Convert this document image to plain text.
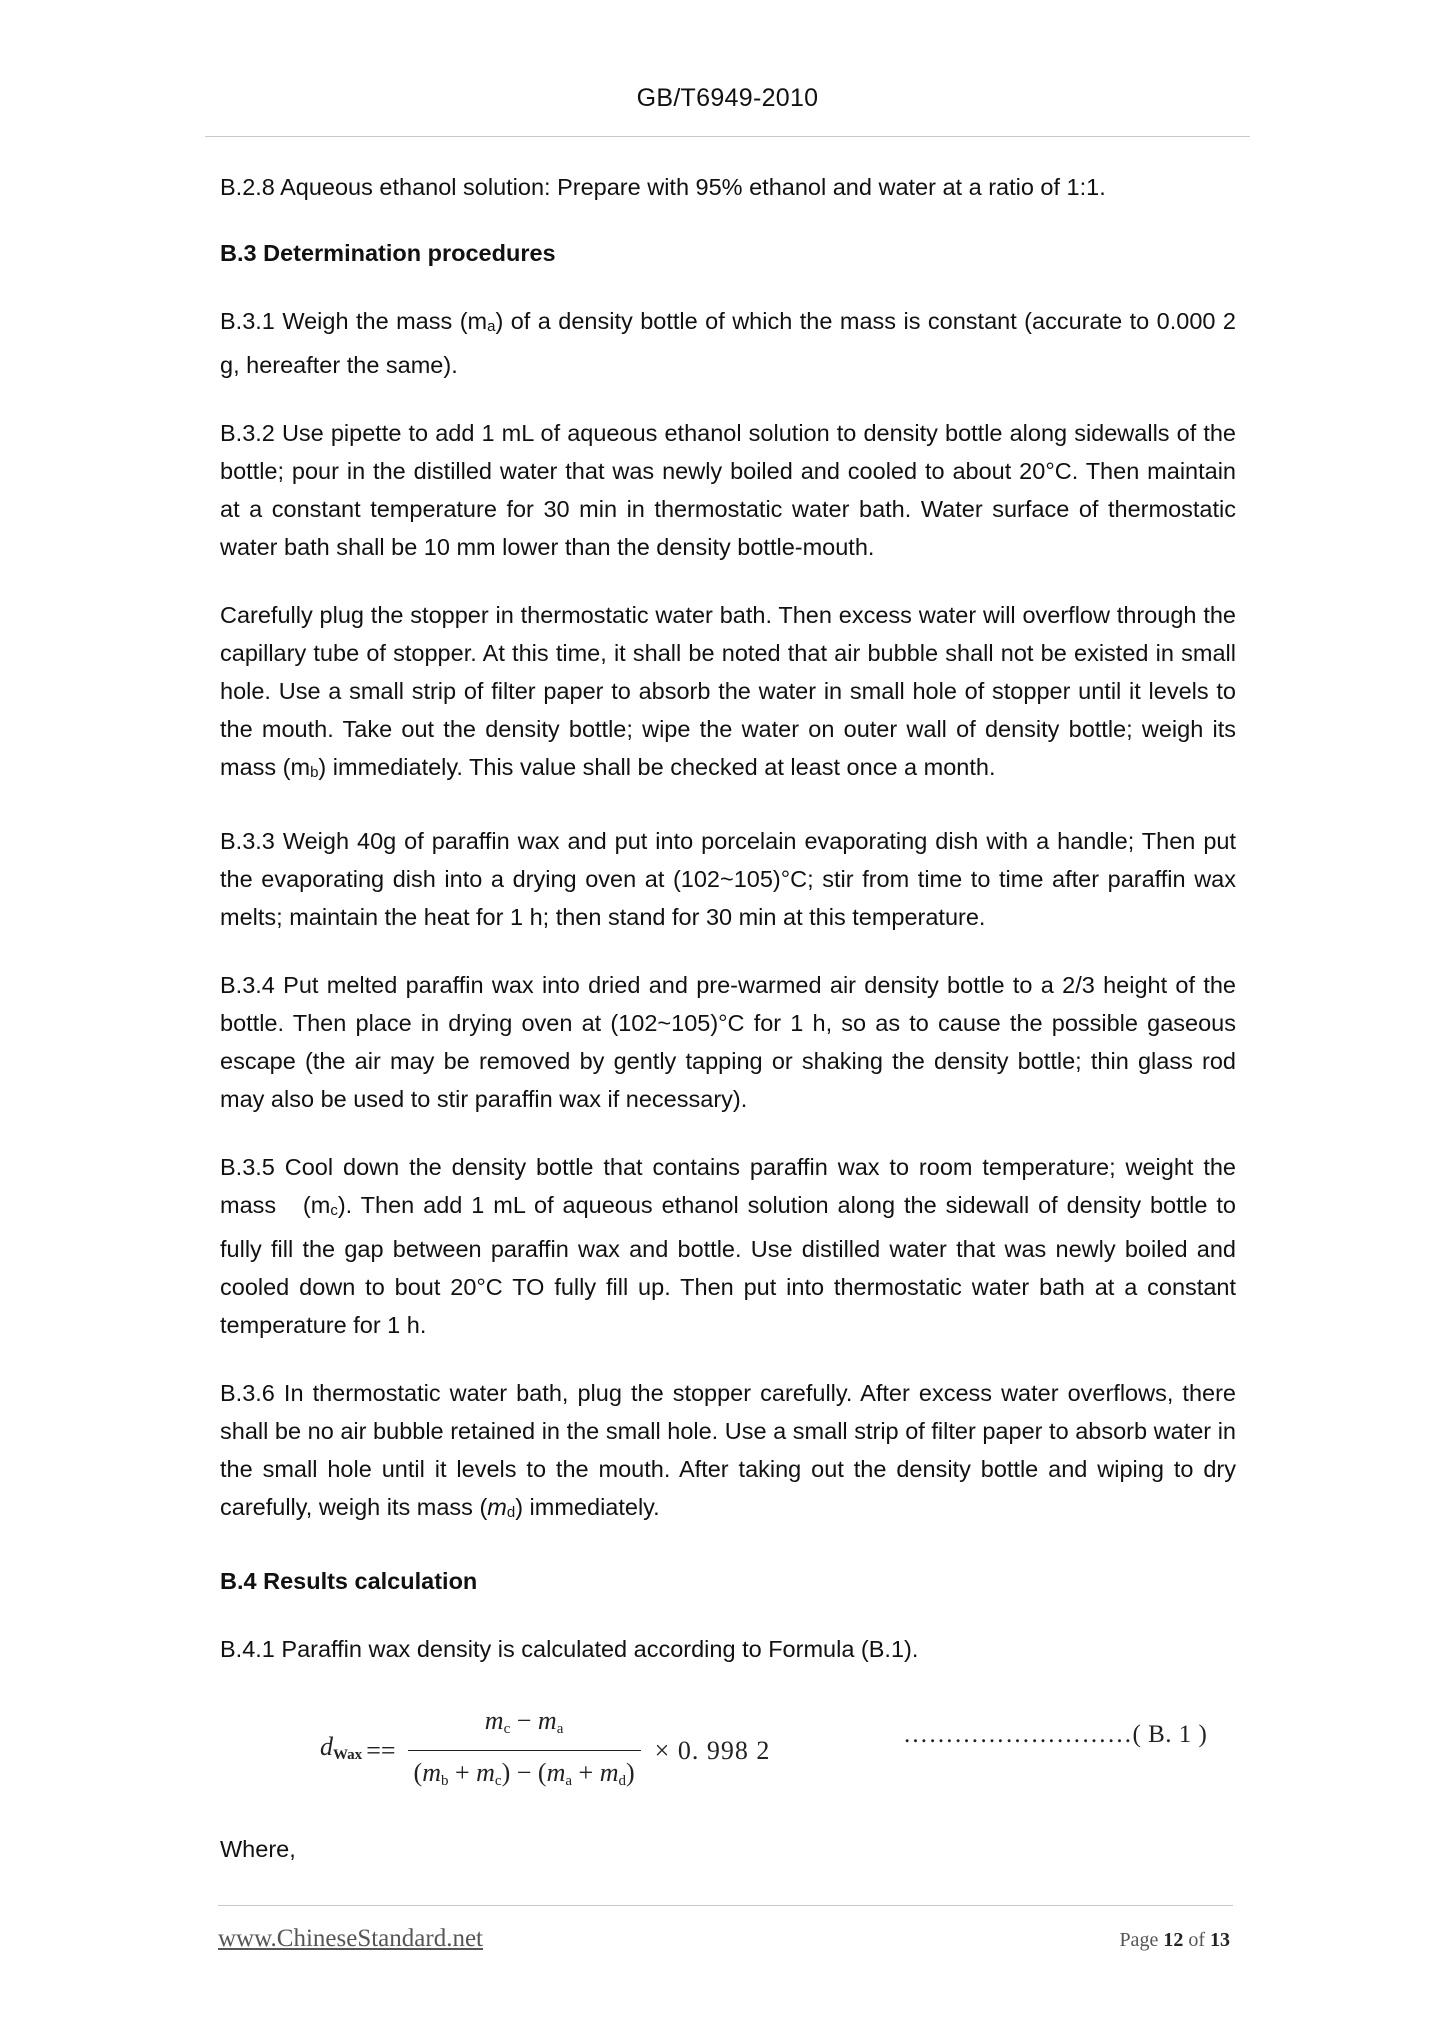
GB/T6949-2010

B.2.8 Aqueous ethanol solution: Prepare with 95% ethanol and water at a ratio of 1:1.

B.3 Determination procedures

B.3.1 Weigh the mass $(m_a)$ of a density bottle of which the mass is constant (accurate to 0.000 2 g, hereafter the same).

B.3.2 Use pipette to add 1 mL of aqueous ethanol solution to density bottle along sidewalls of the bottle; pour in the distilled water that was newly boiled and cooled to about 20°C. Then maintain at a constant temperature for 30 min in thermostatic water bath. Water surface of thermostatic water bath shall be 10 mm lower than the density bottle-mouth.

Carefully plug the stopper in thermostatic water bath. Then excess water will overflow through the capillary tube of stopper. At this time, it shall be noted that air bubble shall not be existed in small hole. Use a small strip of filter paper to absorb the water in small hole of stopper until it levels to the mouth. Take out the density bottle; wipe the water on outer wall of density bottle; weigh its mass $(m_b)$ immediately. This value shall be checked at least once a month.

B.3.3 Weigh 40g of paraffin wax and put into porcelain evaporating dish with a handle; Then put the evaporating dish into a drying oven at (102~105)°C; stir from time to time after paraffin wax melts; maintain the heat for 1 h; then stand for 30 min at this temperature.

B.3.4 Put melted paraffin wax into dried and pre-warmed air density bottle to a 2/3 height of the bottle. Then place in drying oven at (102~105)°C for 1 h, so as to cause the possible gaseous escape (the air may be removed by gently tapping or shaking the density bottle; thin glass rod may also be used to stir paraffin wax if necessary).

B.3.5 Cool down the density bottle that contains paraffin wax to room temperature; weight the mass   $(m_c)$. Then add 1 mL of aqueous ethanol solution along the sidewall of density bottle to fully fill the gap between paraffin wax and bottle. Use distilled water that was newly boiled and cooled down to bout 20°C TO fully fill up. Then put into thermostatic water bath at a constant temperature for 1 h.

B.3.6 In thermostatic water bath, plug the stopper carefully. After excess water overflows, there shall be no air bubble retained in the small hole. Use a small strip of filter paper to absorb water in the small hole until it levels to the mouth. After taking out the density bottle and wiping to dry carefully, weigh its mass $(m_d)$ immediately.

B.4 Results calculation

B.4.1 Paraffin wax density is calculated according to Formula (B.1).

dWax == $\frac{mc - ma}{(mb + mc) - (ma + md)} \times 0$. 998 2
………………………( B. 1 )

Where,

www.ChineseStandard.net	Page 12 of 13
